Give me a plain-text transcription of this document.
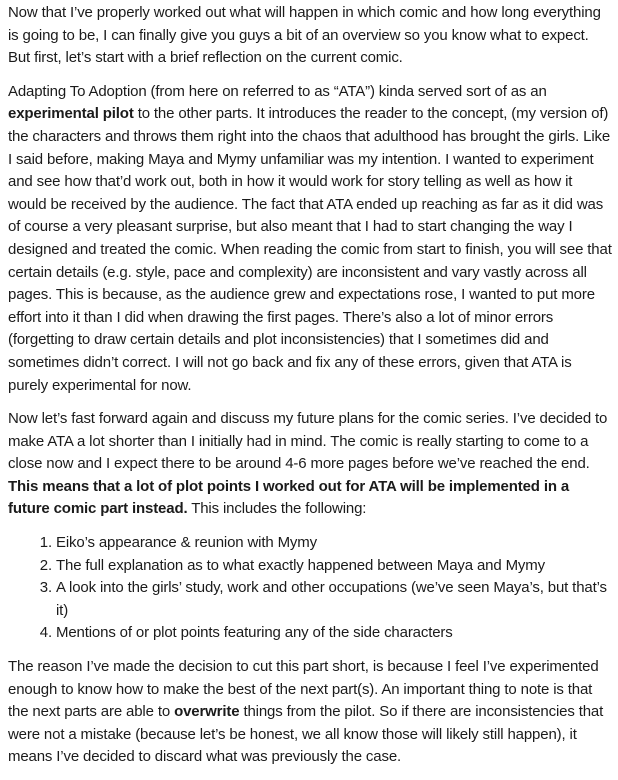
Now that I’ve properly worked out what will happen in which comic and how long everything is going to be, I can finally give you guys a bit of an overview so you know what to expect. But first, let’s start with a brief reflection on the current comic.

Adapting To Adoption (from here on referred to as “ATA”) kinda served sort of as an experimental pilot to the other parts. It introduces the reader to the concept, (my version of) the characters and throws them right into the chaos that adulthood has brought the girls. Like I said before, making Maya and Mymy unfamiliar was my intention. I wanted to experiment and see how that’d work out, both in how it would work for story telling as well as how it would be received by the audience. The fact that ATA ended up reaching as far as it did was of course a very pleasant surprise, but also meant that I had to start changing the way I designed and treated the comic. When reading the comic from start to finish, you will see that certain details (e.g. style, pace and complexity) are inconsistent and vary vastly across all pages. This is because, as the audience grew and expectations rose, I wanted to put more effort into it than I did when drawing the first pages. There’s also a lot of minor errors (forgetting to draw certain details and plot inconsistencies) that I sometimes did and sometimes didn’t correct. I will not go back and fix any of these errors, given that ATA is purely experimental for now.

Now let’s fast forward again and discuss my future plans for the comic series. I’ve decided to make ATA a lot shorter than I initially had in mind. The comic is really starting to come to a close now and I expect there to be around 4-6 more pages before we’ve reached the end. This means that a lot of plot points I worked out for ATA will be implemented in a future comic part instead. This includes the following:

1. Eiko’s appearance & reunion with Mymy
2. The full explanation as to what exactly happened between Maya and Mymy
3. A look into the girls’ study, work and other occupations (we’ve seen Maya’s, but that’s it)
4. Mentions of or plot points featuring any of the side characters

The reason I’ve made the decision to cut this part short, is because I feel I’ve experimented enough to know how to make the best of the next part(s). An important thing to note is that the next parts are able to overwrite things from the pilot. So if there are inconsistencies that were not a mistake (because let’s be honest, we all know those will likely still happen), it means I’ve decided to discard what was previously the case.
